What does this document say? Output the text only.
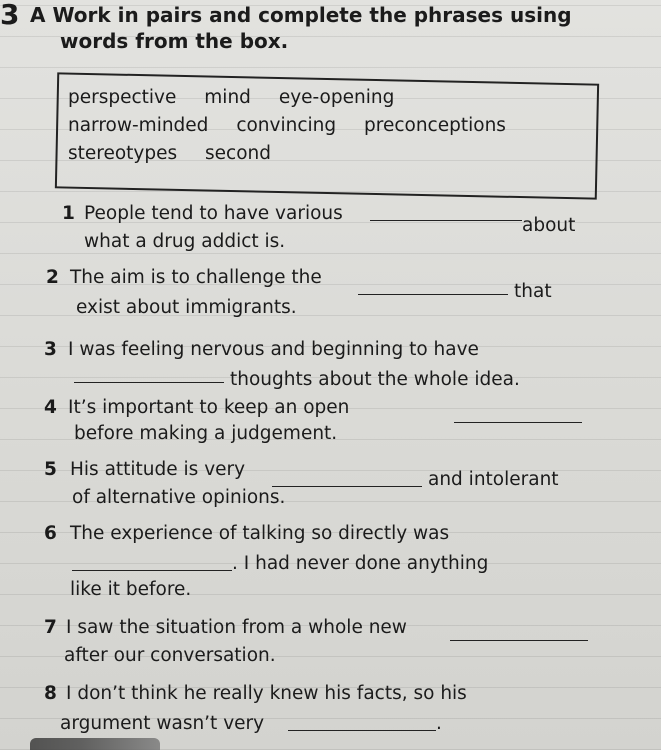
3 A Work in pairs and complete the phrases using
words from the box.
perspective mind eye-opening
narrow-minded convincing preconceptions
stereotypes second
1 People tend to have various
about
what a drug addict is.
2 The aim is to challenge the
that
exist about immigrants.
3 I was feeling nervous and beginning to have
thoughts about the whole idea.
4 It’s important to keep an open
before making a judgement.
5 His attitude is very	and intolerant
of alternative opinions.
6 The experience of talking so directly was
. I had never done anything
like it before.
7 I saw the situation from a whole new
after our conversation.
8 I don’t think he really knew his facts, so his
argument wasn’t very	.
